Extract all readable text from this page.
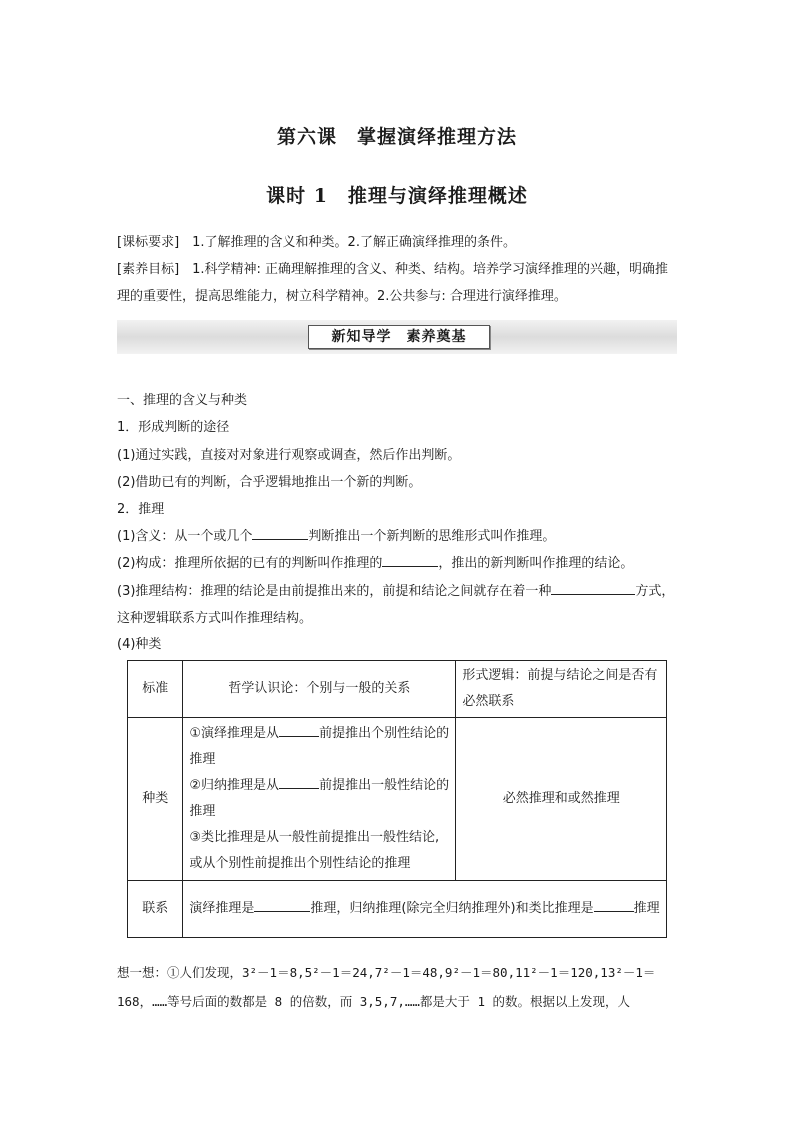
第六课　掌握演绎推理方法
课时 1　推理与演绎推理概述
[课标要求]　1.了解推理的含义和种类。2.了解正确演绎推理的条件。
[素养目标]　1.科学精神: 正确理解推理的含义、种类、结构。培养学习演绎推理的兴趣，明确推理的重要性，提高思维能力，树立科学精神。2.公共参与: 合理进行演绎推理。
新知导学　素养奠基
一、推理的含义与种类
1．形成判断的途径
(1)通过实践，直接对对象进行观察或调查，然后作出判断。
(2)借助已有的判断，合乎逻辑地推出一个新的判断。
2．推理
(1)含义：从一个或几个	判断推出一个新判断的思维形式叫作推理。
(2)构成：推理所依据的已有的判断叫作推理的	，推出的新判断叫作推理的结论。
(3)推理结构：推理的结论是由前提推出来的，前提和结论之间就存在着一种	方式，这种逻辑联系方式叫作推理结构。
(4)种类
标准	哲学认识论：个别与一般的关系	形式逻辑：前提与结论之间是否有必然联系
种类	①演绎推理是从 前提推出个别性结论的推理
②归纳推理是从 前提推出一般性结论的推理
③类比推理是从一般性前提推出一般性结论,或从个别性前提推出个别性结论的推理	必然推理和或然推理
联系	演绎推理是 推理，归纳推理(除完全归纳推理外)和类比推理是 推理	
想一想：①人们发现，3²－1＝8,5²－1＝24,7²－1＝48,9²－1＝80,11²－1＝120,13²－1＝168，……等号后面的数都是 8 的倍数，而 3,5,7,……都是大于 1 的数。根据以上发现，人
